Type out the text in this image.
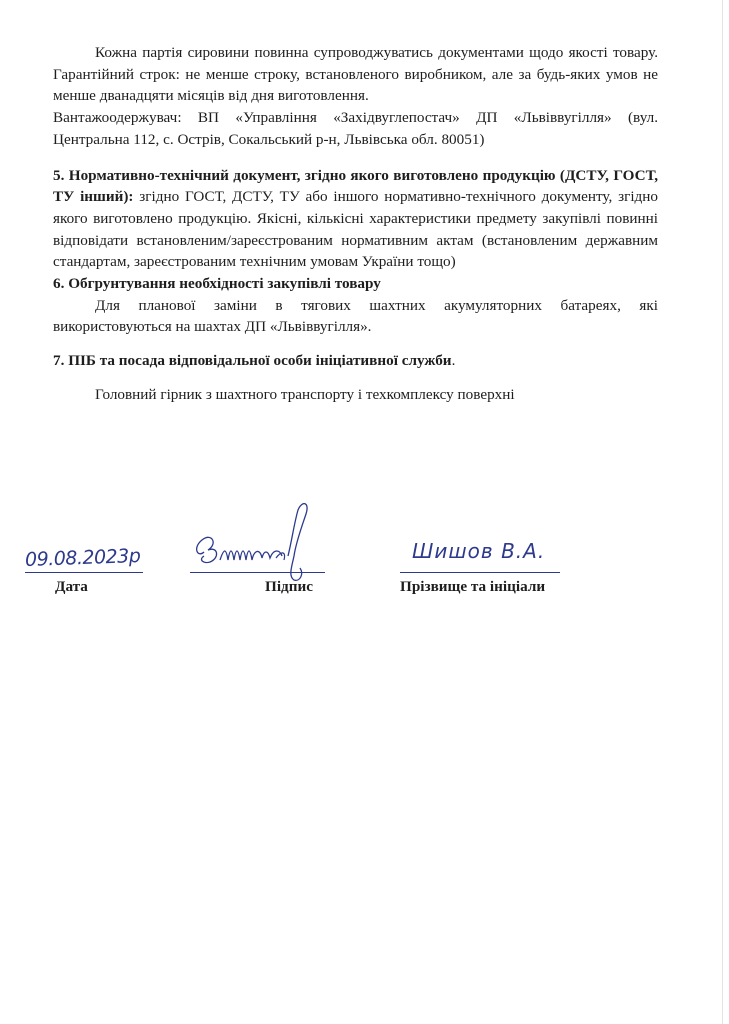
Кожна партія сировини повинна супроводжуватись документами щодо якості товару. Гарантійний строк: не менше строку, встановленого виробником, але за будь-яких умов не менше дванадцяти місяців від дня виготовлення.

Вантажоодержувач: ВП «Управління «Західвуглепостач» ДП «Львіввугілля» (вул. Центральна 112, с. Острів, Сокальський р-н, Львівська обл. 80051)

5. Нормативно-технічний документ, згідно якого виготовлено продукцію (ДСТУ, ГОСТ, ТУ інший): згідно ГОСТ, ДСТУ, ТУ або іншого нормативно-технічного документу, згідно якого виготовлено продукцію. Якісні, кількісні характеристики предмету закупівлі повинні відповідати встановленим/зареєстрованим нормативним актам (встановленим державним стандартам, зареєстрованим технічним умовам України тощо)

6. Обгрунтування необхідності закупівлі товару

Для планової заміни в тягових шахтних акумуляторних батареях, які використовуються на шахтах ДП «Львіввугілля».

7. ПІБ та посада відповідальної особи ініціативної служби.

Головний гірник з шахтного транспорту і техкомплексу поверхні

09.08.2023р
Дата	Підпис
Шишов В.А.
Прізвище та ініціали
